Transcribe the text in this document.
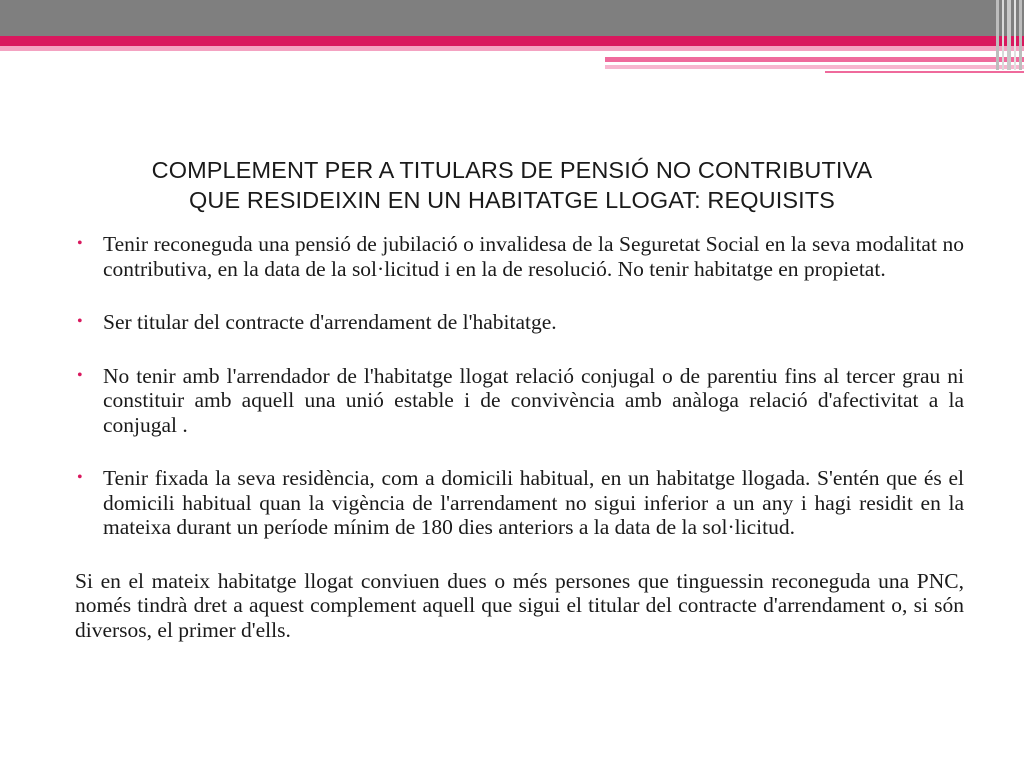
COMPLEMENT PER A TITULARS DE PENSIÓ NO CONTRIBUTIVA
QUE RESIDEIXIN EN UN HABITATGE LLOGAT: REQUISITS
• Tenir reconeguda una pensió de jubilació o invalidesa de la Seguretat Social en la seva modalitat no contributiva, en la data de la sol·licitud i en la de resolució. No tenir habitatge en propietat.
• Ser titular del contracte d'arrendament de l'habitatge.
• No tenir amb l'arrendador de l'habitatge llogat relació conjugal o de parentiu fins al tercer grau ni constituir amb aquell una unió estable i de convivència amb anàloga relació d'afectivitat a la conjugal .
• Tenir fixada la seva residència, com a domicili habitual, en un habitatge llogada. S'entén que és el domicili habitual quan la vigència de l'arrendament no sigui inferior a un any i hagi residit en la mateixa durant un període mínim de 180 dies anteriors a la data de la sol·licitud.

Si en el mateix habitatge llogat conviuen dues o més persones que tinguessin reconeguda una PNC, només tindrà dret a aquest complement aquell que sigui el titular del contracte d'arrendament o, si són diversos, el primer d'ells.
